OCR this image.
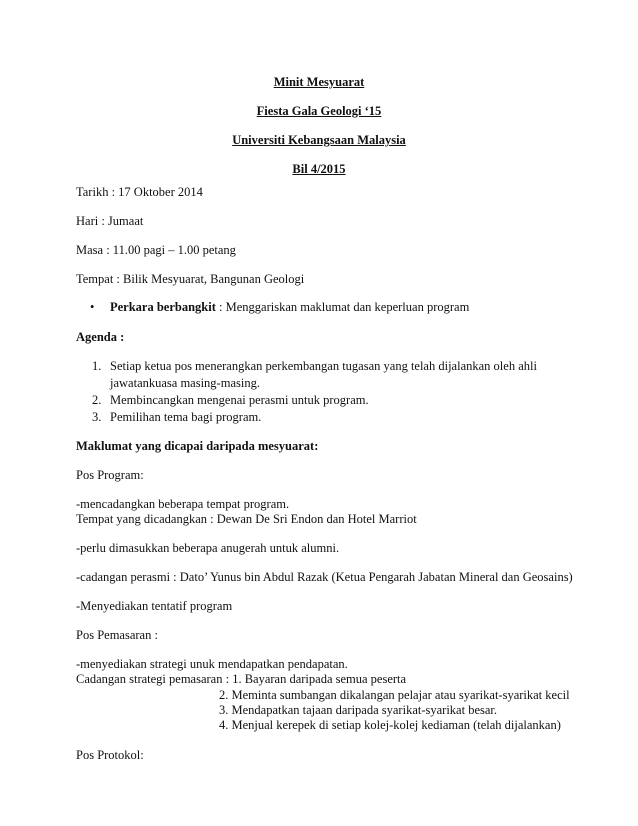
Minit Mesyuarat
Fiesta Gala Geologi ‘15
Universiti Kebangsaan Malaysia
Bil 4/2015
Tarikh : 17 Oktober 2014
Hari : Jumaat
Masa : 11.00 pagi – 1.00 petang
Tempat : Bilik Mesyuarat, Bangunan Geologi
• Perkara berbangkit : Menggariskan maklumat dan keperluan program
Agenda :
1. Setiap ketua pos menerangkan perkembangan tugasan yang telah dijalankan oleh ahli
jawatankuasa masing-masing.
2. Membincangkan mengenai perasmi untuk program.
3. Pemilihan tema bagi program.
Maklumat yang dicapai daripada mesyuarat:
Pos Program:
-mencadangkan beberapa tempat program.
Tempat yang dicadangkan : Dewan De Sri Endon dan Hotel Marriot
-perlu dimasukkan beberapa anugerah untuk alumni.
-cadangan perasmi : Dato’ Yunus bin Abdul Razak (Ketua Pengarah Jabatan Mineral dan Geosains)
-Menyediakan tentatif program
Pos Pemasaran :
-menyediakan strategi unuk mendapatkan pendapatan.
Cadangan strategi pemasaran : 1. Bayaran daripada semua peserta
2. Meminta sumbangan dikalangan pelajar atau syarikat-syarikat kecil
3. Mendapatkan tajaan daripada syarikat-syarikat besar.
4. Menjual kerepek di setiap kolej-kolej kediaman (telah dijalankan)
Pos Protokol:
